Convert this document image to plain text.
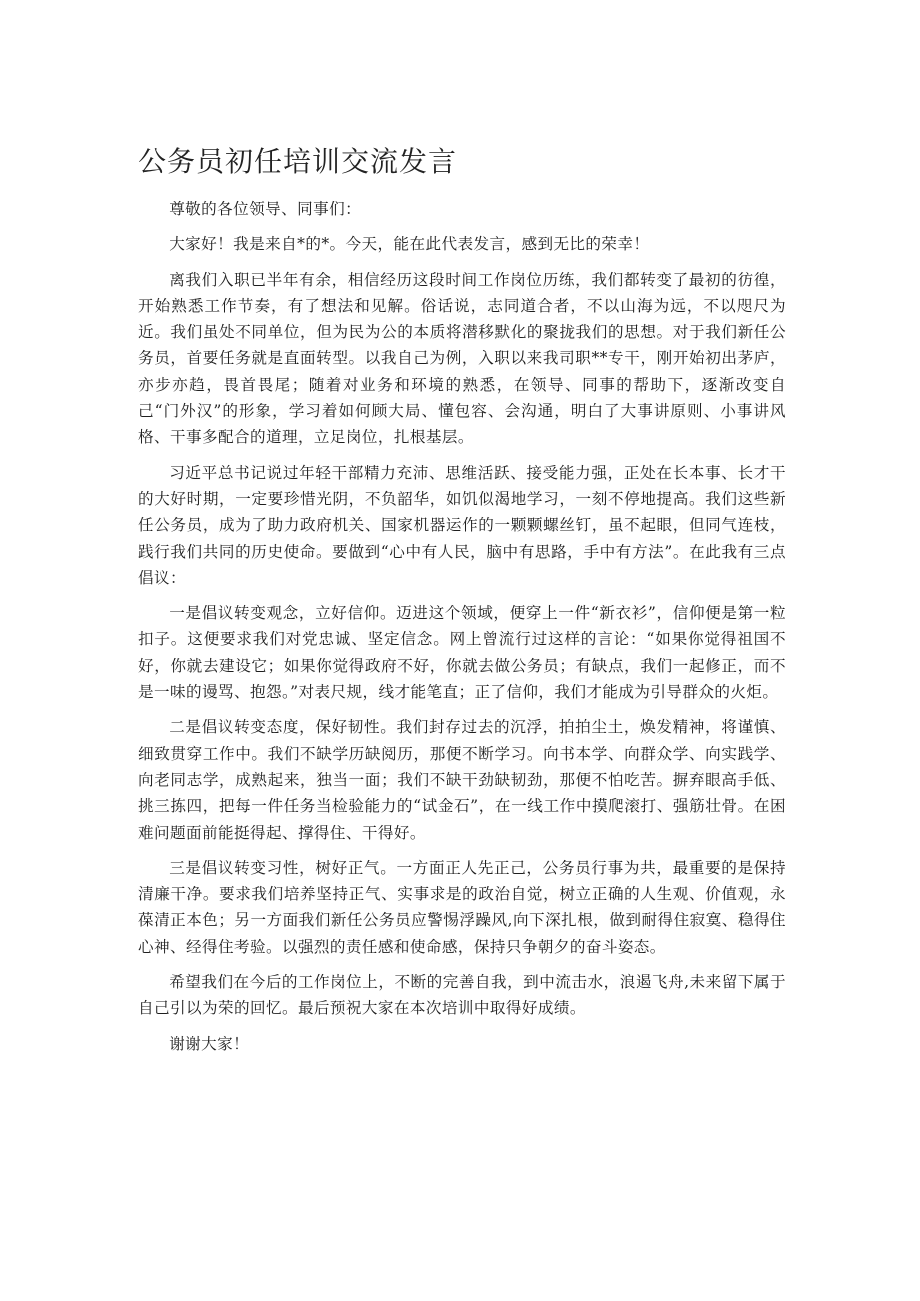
公务员初任培训交流发言

尊敬的各位领导、同事们：

大家好！我是来自*的*。今天，能在此代表发言，感到无比的荣幸！

离我们入职已半年有余，相信经历这段时间工作岗位历练，我们都转变了最初的彷徨，开始熟悉工作节奏，有了想法和见解。俗话说，志同道合者，不以山海为远，不以咫尺为近。我们虽处不同单位，但为民为公的本质将潜移默化的聚拢我们的思想。对于我们新任公务员，首要任务就是直面转型。以我自己为例，入职以来我司职**专干，刚开始初出茅庐，亦步亦趋，畏首畏尾；随着对业务和环境的熟悉，在领导、同事的帮助下，逐渐改变自己“门外汉”的形象，学习着如何顾大局、懂包容、会沟通，明白了大事讲原则、小事讲风格、干事多配合的道理，立足岗位，扎根基层。

习近平总书记说过年轻干部精力充沛、思维活跃、接受能力强，正处在长本事、长才干的大好时期，一定要珍惜光阴，不负韶华，如饥似渴地学习，一刻不停地提高。我们这些新任公务员，成为了助力政府机关、国家机器运作的一颗颗螺丝钉，虽不起眼，但同气连枝，践行我们共同的历史使命。要做到“心中有人民，脑中有思路，手中有方法”。在此我有三点倡议：

一是倡议转变观念，立好信仰。迈进这个领域，便穿上一件“新衣衫”，信仰便是第一粒扣子。这便要求我们对党忠诚、坚定信念。网上曾流行过这样的言论：“如果你觉得祖国不好，你就去建设它；如果你觉得政府不好，你就去做公务员；有缺点，我们一起修正，而不是一味的谩骂、抱怨。”对表尺规，线才能笔直；正了信仰，我们才能成为引导群众的火炬。

二是倡议转变态度，保好韧性。我们封存过去的沉浮，拍拍尘土，焕发精神，将谨慎、细致贯穿工作中。我们不缺学历缺阅历，那便不断学习。向书本学、向群众学、向实践学、向老同志学，成熟起来，独当一面；我们不缺干劲缺韧劲，那便不怕吃苦。摒弃眼高手低、挑三拣四，把每一件任务当检验能力的“试金石”，在一线工作中摸爬滚打、强筋壮骨。在困难问题面前能挺得起、撑得住、干得好。

三是倡议转变习性，树好正气。一方面正人先正己，公务员行事为共，最重要的是保持清廉干净。要求我们培养坚持正气、实事求是的政治自觉，树立正确的人生观、价值观，永葆清正本色；另一方面我们新任公务员应警惕浮躁风,向下深扎根，做到耐得住寂寞、稳得住心神、经得住考验。以强烈的责任感和使命感，保持只争朝夕的奋斗姿态。

希望我们在今后的工作岗位上，不断的完善自我，到中流击水，浪遏飞舟,未来留下属于自己引以为荣的回忆。最后预祝大家在本次培训中取得好成绩。

谢谢大家！
